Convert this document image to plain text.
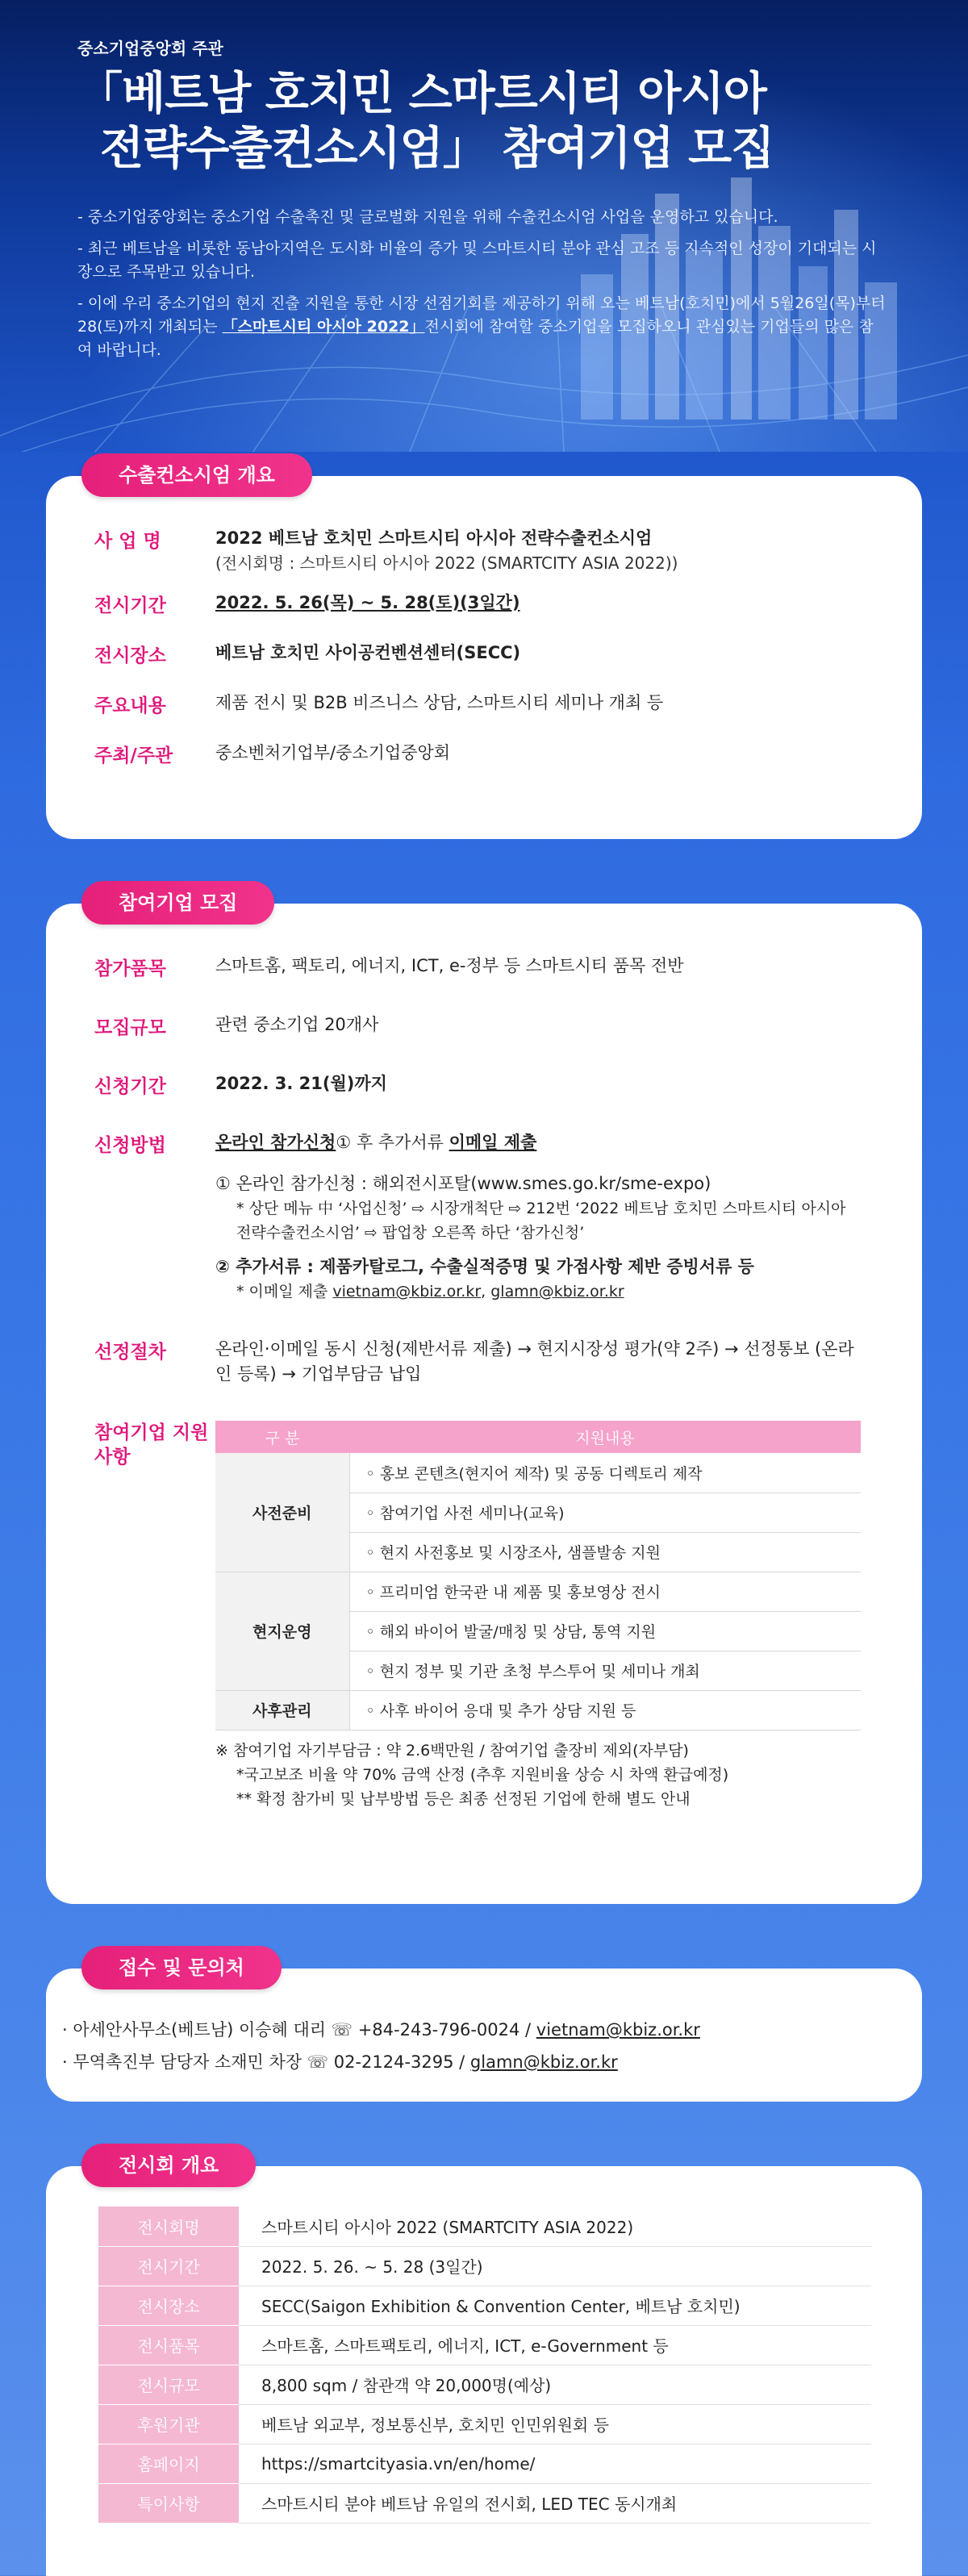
중소기업중앙회 주관
「베트남 호치민 스마트시티 아시아
전략수출컨소시엄」 참여기업 모집
- 중소기업중앙회는 중소기업 수출촉진 및 글로벌화 지원을 위해 수출컨소시엄 사업을 운영하고 있습니다.
- 최근 베트남을 비롯한 동남아지역은 도시화 비율의 증가 및 스마트시티 분야 관심 고조 등 지속적인 성장이 기대되는 시장으로 주목받고 있습니다.
- 이에 우리 중소기업의 현지 진출 지원을 통한 시장 선점기회를 제공하기 위해 오는 베트남(호치민)에서 5월26일(목)부터 28(토)까지 개최되는 「스마트시티 아시아 2022」전시회에 참여할 중소기업을 모집하오니 관심있는 기업들의 많은 참여 바랍니다.
수출컨소시엄 개요
사 업 명	2022 베트남 호치민 스마트시티 아시아 전략수출컨소시엄
(전시회명 : 스마트시티 아시아 2022 (SMARTCITY ASIA 2022))
전시기간	2022. 5. 26(목) ~ 5. 28(토)(3일간)
전시장소	베트남 호치민 사이공컨벤션센터(SECC)
주요내용	제품 전시 및 B2B 비즈니스 상담, 스마트시티 세미나 개최 등
주최/주관	중소벤처기업부/중소기업중앙회
참여기업 모집
참가품목	스마트홈, 팩토리, 에너지, ICT, e-정부 등 스마트시티 품목 전반
모집규모	관련 중소기업 20개사
신청기간	2022. 3. 21(월)까지
신청방법	온라인 참가신청① 후 추가서류 이메일 제출
① 온라인 참가신청 : 해외전시포탈(www.smes.go.kr/sme-expo)
* 상단 메뉴 中 ‘사업신청’ ⇨ 시장개척단 ⇨ 212번 ‘2022 베트남 호치민 스마트시티 아시아 전략수출컨소시엄’ ⇨ 팝업창 오른쪽 하단 ‘참가신청’
② 추가서류 : 제품카탈로그, 수출실적증명 및 가점사항 제반 증빙서류 등
* 이메일 제출 vietnam@kbiz.or.kr, glamn@kbiz.or.kr
선정절차	온라인·이메일 동시 신청(제반서류 제출) → 현지시장성 평가(약 2주) → 선정통보 (온라인 등록) → 기업부담금 납입
참여기업 지원사항
구 분	지원내용
사전준비	◦ 홍보 콘텐츠(현지어 제작) 및 공동 디렉토리 제작
	◦ 참여기업 사전 세미나(교육)
	◦ 현지 사전홍보 및 시장조사, 샘플발송 지원
현지운영	◦ 프리미엄 한국관 내 제품 및 홍보영상 전시
	◦ 해외 바이어 발굴/매칭 및 상담, 통역 지원
	◦ 현지 정부 및 기관 초청 부스투어 및 세미나 개최
사후관리	◦ 사후 바이어 응대 및 추가 상담 지원 등
※ 참여기업 자기부담금 : 약 2.6백만원 / 참여기업 출장비 제외(자부담)
*국고보조 비율 약 70% 금액 산정 (추후 지원비율 상승 시 차액 환급예정)
** 확정 참가비 및 납부방법 등은 최종 선정된 기업에 한해 별도 안내
접수 및 문의처
· 아세안사무소(베트남) 이승혜 대리 ☏ +84-243-796-0024 / vietnam@kbiz.or.kr
· 무역촉진부 담당자 소재민 차장 ☏ 02-2124-3295 / glamn@kbiz.or.kr
전시회 개요
전시회명	스마트시티 아시아 2022 (SMARTCITY ASIA 2022)
전시기간	2022. 5. 26. ~ 5. 28 (3일간)
전시장소	SECC(Saigon Exhibition & Convention Center, 베트남 호치민)
전시품목	스마트홈, 스마트팩토리, 에너지, ICT, e-Government 등
전시규모	8,800 sqm / 참관객 약 20,000명(예상)
후원기관	베트남 외교부, 정보통신부, 호치민 인민위원회 등
홈페이지	https://smartcityasia.vn/en/home/
특이사항	스마트시티 분야 베트남 유일의 전시회, LED TEC 동시개최
